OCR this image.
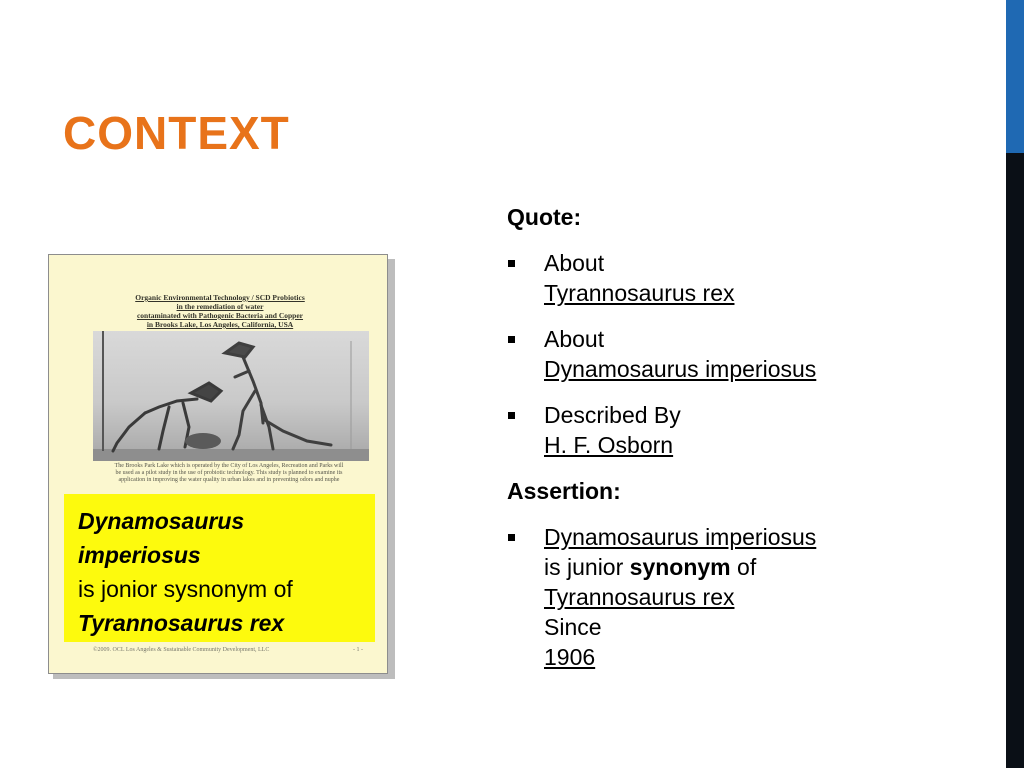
CONTEXT
Organic Environmental Technology / SCD Probiotics
in the remediation of water
contaminated with Pathogenic Bacteria and Copper
in Brooks Lake, Los Angeles, California, USA
The Brooks Park Lake which is operated by the City of Los Angeles, Recreation and Parks will
be used as a pilot study in the use of probiotic technology. This study is planned to examine its
application in improving the water quality in urban lakes and in preventing odors and nuphe
©2009. OCL Los Angeles & Sustainable Community Development, LLC	- 1 -
Dynamosaurus
imperiosus
is jonior sysnonym of
Tyrannosaurus rex
Quote:
About
Tyrannosaurus rex
About
Dynamosaurus imperiosus
Described By
H. F. Osborn
Assertion:
Dynamosaurus imperiosus
is junior synonym of
Tyrannosaurus rex
Since
1906
